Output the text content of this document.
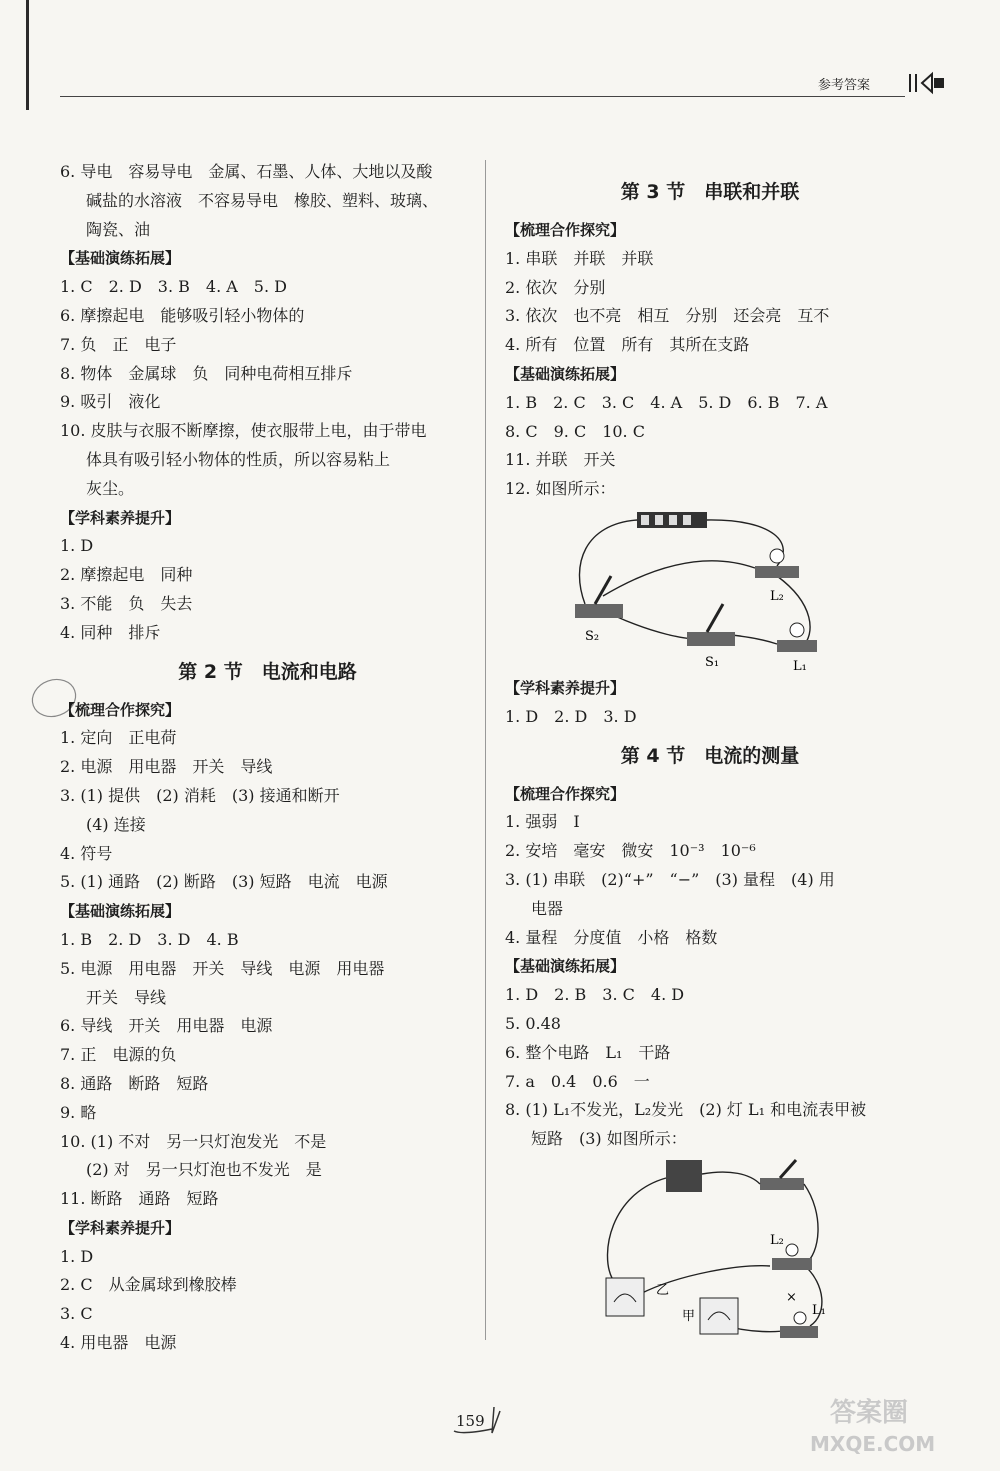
参考答案
6. 导电　容易导电　金属、石墨、人体、大地以及酸
碱盐的水溶液　不容易导电　橡胶、塑料、玻璃、
陶瓷、油
【基础演练拓展】
1. C　2. D　3. B　4. A　5. D
6. 摩擦起电　能够吸引轻小物体的
7. 负　正　电子
8. 物体　金属球　负　同种电荷相互排斥
9. 吸引　液化
10. 皮肤与衣服不断摩擦，使衣服带上电，由于带电
体具有吸引轻小物体的性质，所以容易粘上
灰尘。
【学科素养提升】
1. D
2. 摩擦起电　同种
3. 不能　负　失去
4. 同种　排斥
第 2 节　电流和电路
【梳理合作探究】
1. 定向　正电荷
2. 电源　用电器　开关　导线
3. (1) 提供　(2) 消耗　(3) 接通和断开
(4) 连接
4. 符号
5. (1) 通路　(2) 断路　(3) 短路　电流　电源
【基础演练拓展】
1. B　2. D　3. D　4. B
5. 电源　用电器　开关　导线　电源　用电器
开关　导线
6. 导线　开关　用电器　电源
7. 正　电源的负
8. 通路　断路　短路
9. 略
10. (1) 不对　另一只灯泡发光　不是
(2) 对　另一只灯泡也不发光　是
11. 断路　通路　短路
【学科素养提升】
1. D
2. C　从金属球到橡胶棒
3. C
4. 用电器　电源
第 3 节　串联和并联
【梳理合作探究】
1. 串联　并联　并联
2. 依次　分别
3. 依次　也不亮　相互　分别　还会亮　互不
4. 所有　位置　所有　其所在支路
【基础演练拓展】
1. B　2. C　3. C　4. A　5. D　6. B　7. A
8. C　9. C　10. C
11. 并联　开关
12. 如图所示：
L₂
S₂
S₁	L₁
【学科素养提升】
1. D　2. D　3. D
第 4 节　电流的测量
【梳理合作探究】
1. 强弱　I
2. 安培　毫安　微安　10⁻³　10⁻⁶
3. (1) 串联　(2)“+”　“−”　(3) 量程　(4) 用
电器
4. 量程　分度值　小格　格数
【基础演练拓展】
1. D　2. B　3. C　4. D
5. 0.48
6. 整个电路　L₁　干路
7. a　0.4　0.6　一
8. (1) L₁不发光，L₂发光　(2) 灯 L₁ 和电流表甲被
短路　(3) 如图所示：
乙
甲
L₂
L₁
×
159	答案圈
MXQE.COM
